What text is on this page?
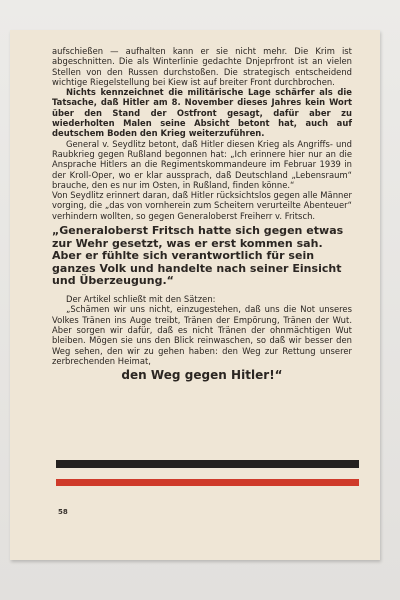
aufschießen — aufhalten kann er sie nicht mehr. Die Krim ist abgeschnitten. Die als Winterlinie gedachte Dnjeprfront ist an vielen Stellen von den Russen durchstoßen. Die strategisch entscheidend wichtige Riegelstellung bei Kiew ist auf breiter Front durchbrochen.

Nichts kennzeichnet die militärische Lage schärfer als die Tatsache, daß Hitler am 8. November dieses Jahres kein Wort über den Stand der Ostfront gesagt, dafür aber zu wiederholten Malen seine Absicht betont hat, auch auf deutschem Boden den Krieg weiterzuführen.

General v. Seydlitz betont, daß Hitler diesen Krieg als Angriffs- und Raubkrieg gegen Rußland begonnen hat: „Ich erinnere hier nur an die Ansprache Hitlers an die Regimentskommandeure im Februar 1939 in der Kroll-Oper, wo er klar aussprach, daß Deutschland „Lebensraum“ brauche, den es nur im Osten, in Rußland, finden könne.“

Von Seydlitz erinnert daran, daß Hitler rücksichtslos gegen alle Männer vorging, die „das von vornherein zum Scheitern verurteilte Abenteuer“ verhindern wollten, so gegen Generaloberst Freiherr v. Fritsch.

„Generaloberst Fritsch hatte sich gegen etwas zur Wehr gesetzt, was er erst kommen sah. Aber er fühlte sich verantwortlich für sein ganzes Volk und handelte nach seiner Einsicht und Überzeugung.“

Der Artikel schließt mit den Sätzen:

„Schämen wir uns nicht, einzugestehen, daß uns die Not unseres Volkes Tränen ins Auge treibt, Tränen der Empörung, Tränen der Wut. Aber sorgen wir dafür, daß es nicht Tränen der ohnmächtigen Wut bleiben. Mögen sie uns den Blick reinwaschen, so daß wir besser den Weg sehen, den wir zu gehen haben: den Weg zur Rettung unserer zerbrechenden Heimat,

den Weg gegen Hitler!“

58
